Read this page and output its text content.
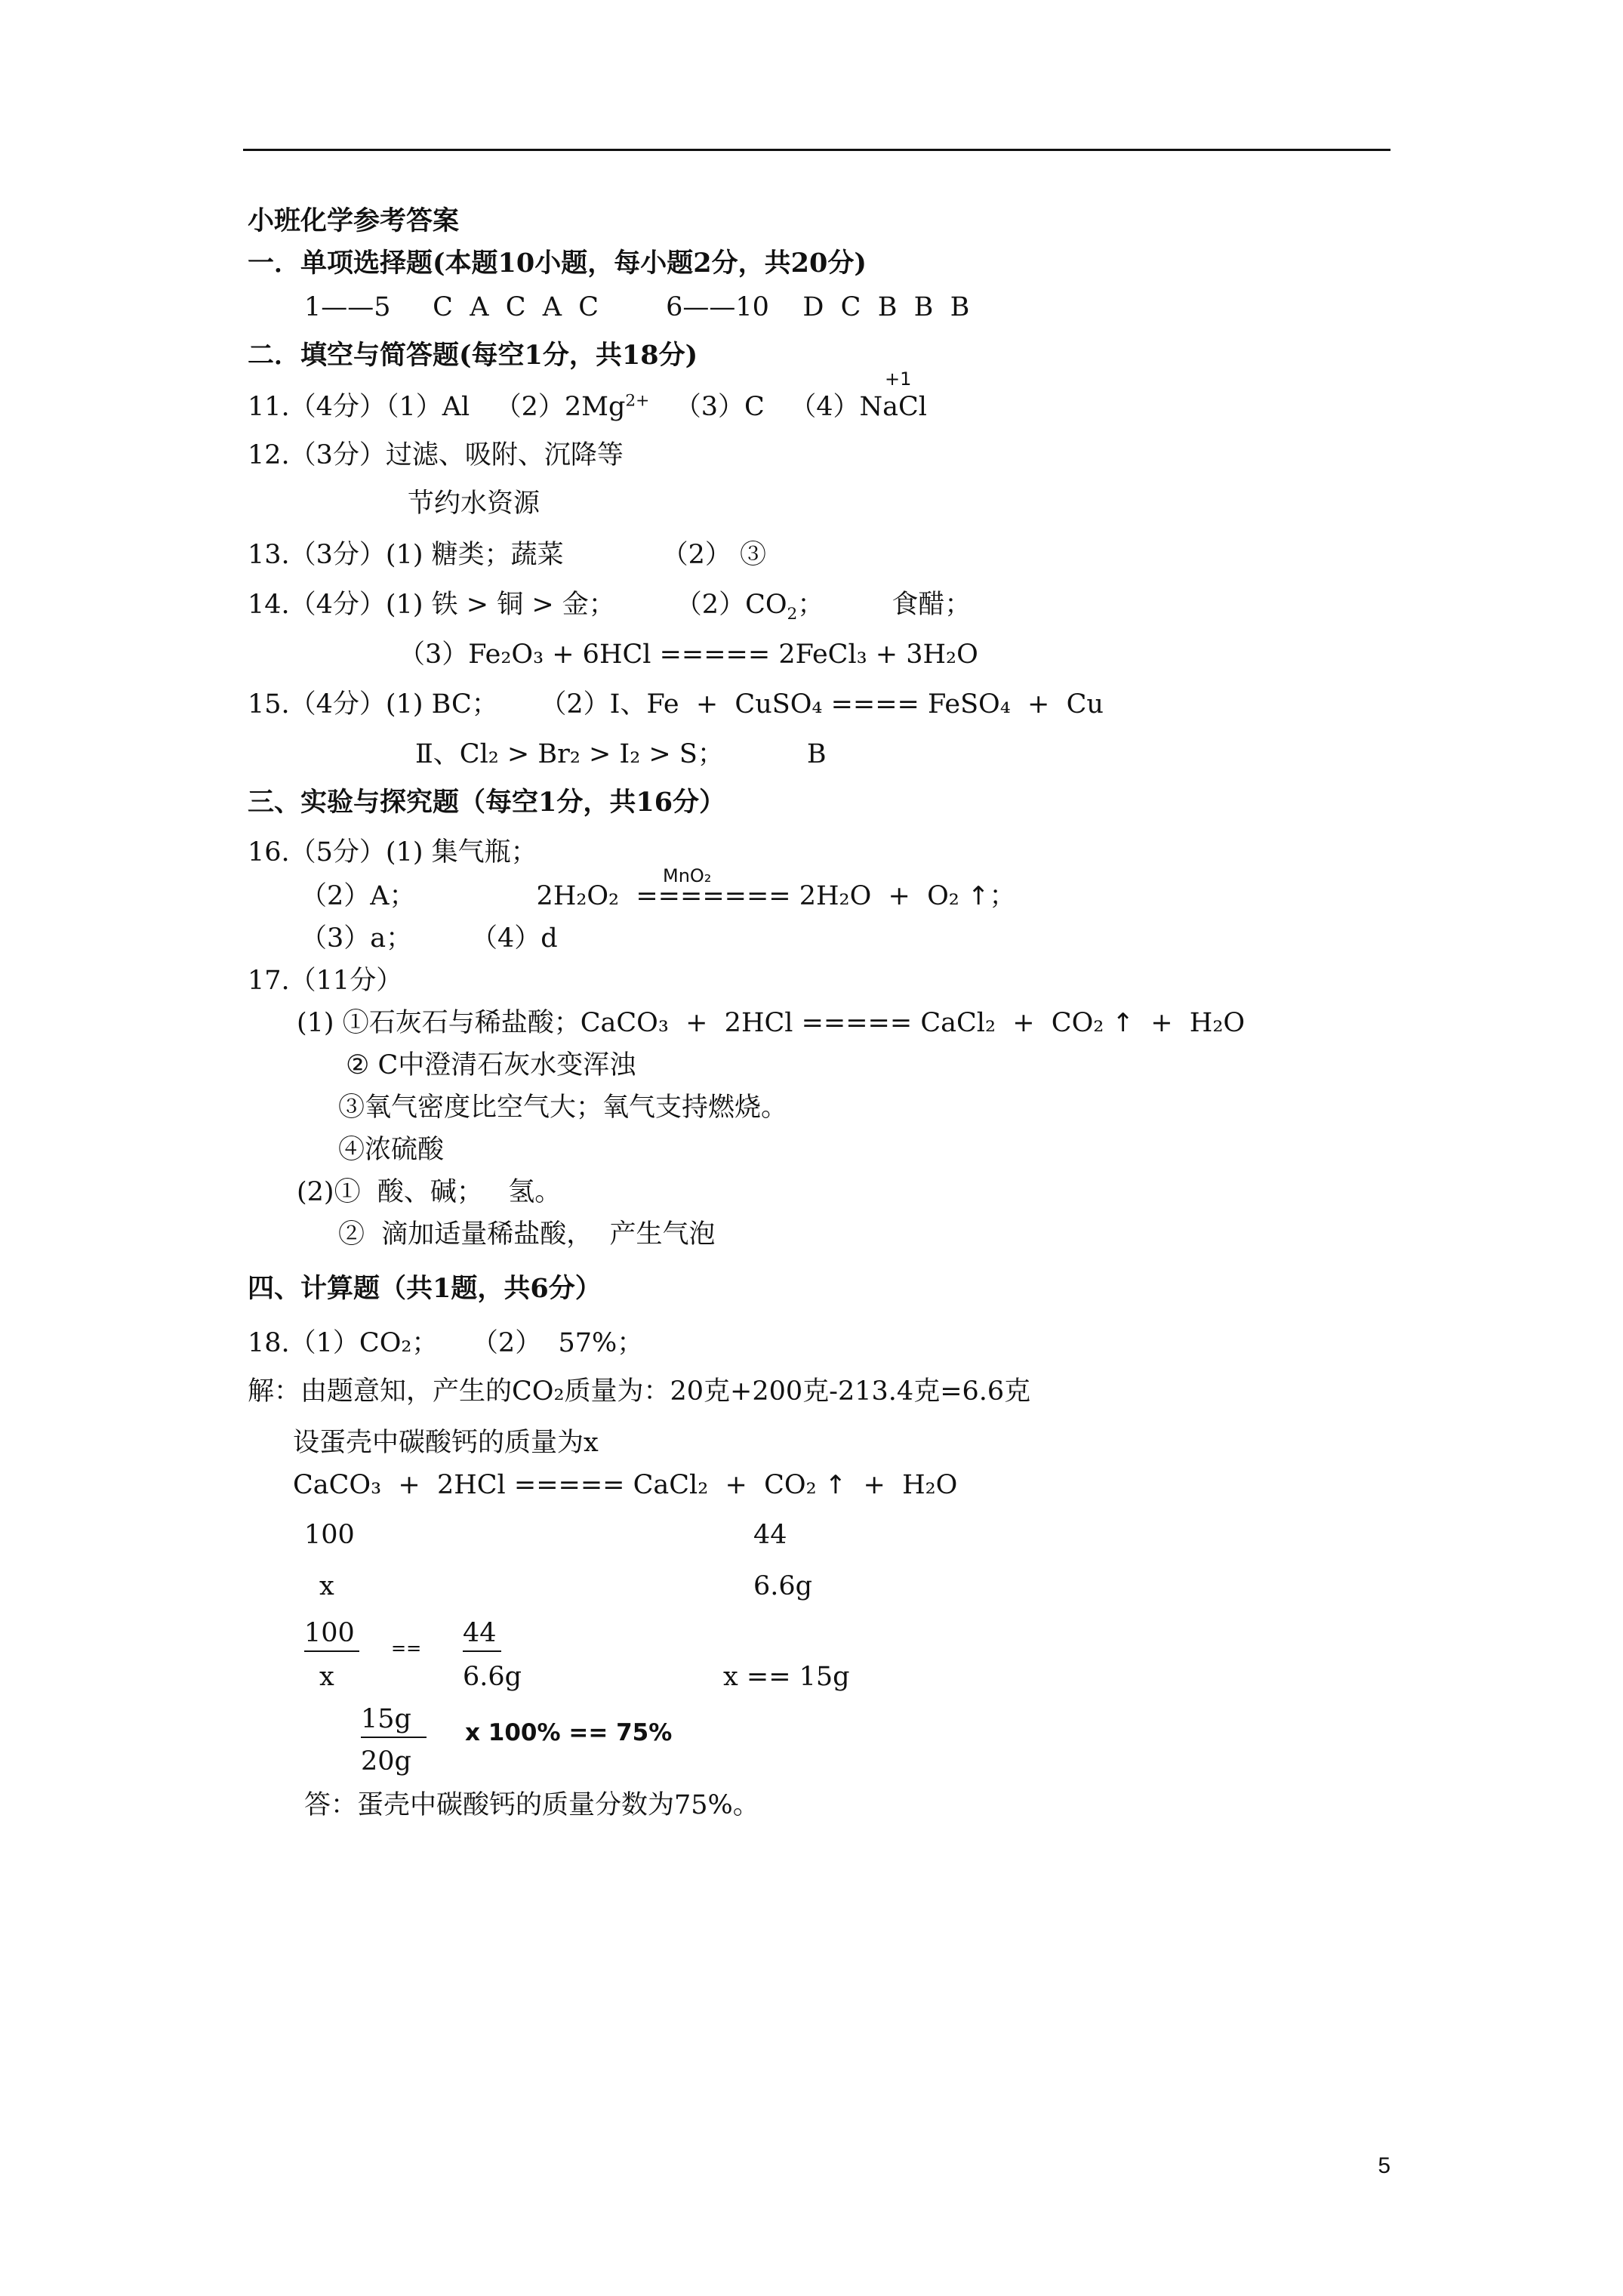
小班化学参考答案
一．单项选择题(本题10小题，每小题2分，共20分)
1——5     C  A  C  A  C        6——10    D  C  B  B  B
二．填空与简答题(每空1分，共18分)
11.（4分）（1）Al $(2)2Mg^{2+}$ （3）C （4）NaCl
+1
12.（3分）过滤、吸附、沉降等
节约水资源
13.（3分）(1) 糖类；蔬菜	（2） ③
14.（4分）(1) 铁 > 铜 > 金； $(2)CO_2$；	食醋；
（3）Fe₂O₃ + 6HCl ===== 2FeCl₃ + 3H₂O
15.（4分）(1) BC；     （2）Ⅰ、Fe  +  CuSO₄ ==== FeSO₄  +  Cu
Ⅱ、Cl₂ > Br₂ > I₂ > S；	B
三、实验与探究题（每空1分，共16分）
16.（5分）(1) 集气瓶；
MnO₂
（2）A；	2H₂O₂  ======= 2H₂O  +  O₂ ↑；
（3）a；       （4）d
17.（11分）
(1) ①石灰石与稀盐酸；CaCO₃  +  2HCl ===== CaCl₂  +  CO₂ ↑ +  H₂O
② C中澄清石灰水变浑浊
③氧气密度比空气大；氧气支持燃烧。
④浓硫酸
(2)①  酸、碱；   氢。
②  滴加适量稀盐酸，  产生气泡
四、计算题（共1题，共6分）
18.（1）CO₂；    （2）  57%；
解：由题意知，产生的CO₂质量为：20克+200克-213.4克=6.6克
设蛋壳中碳酸钙的质量为x
CaCO₃  +  2HCl ===== CaCl₂  +  CO₂ ↑ +  H₂O
100	44
x	6.6g
100
x
== 44
6.6g	x == 15g
15g
20g
x 100% == 75%
答：蛋壳中碳酸钙的质量分数为75%。
5
